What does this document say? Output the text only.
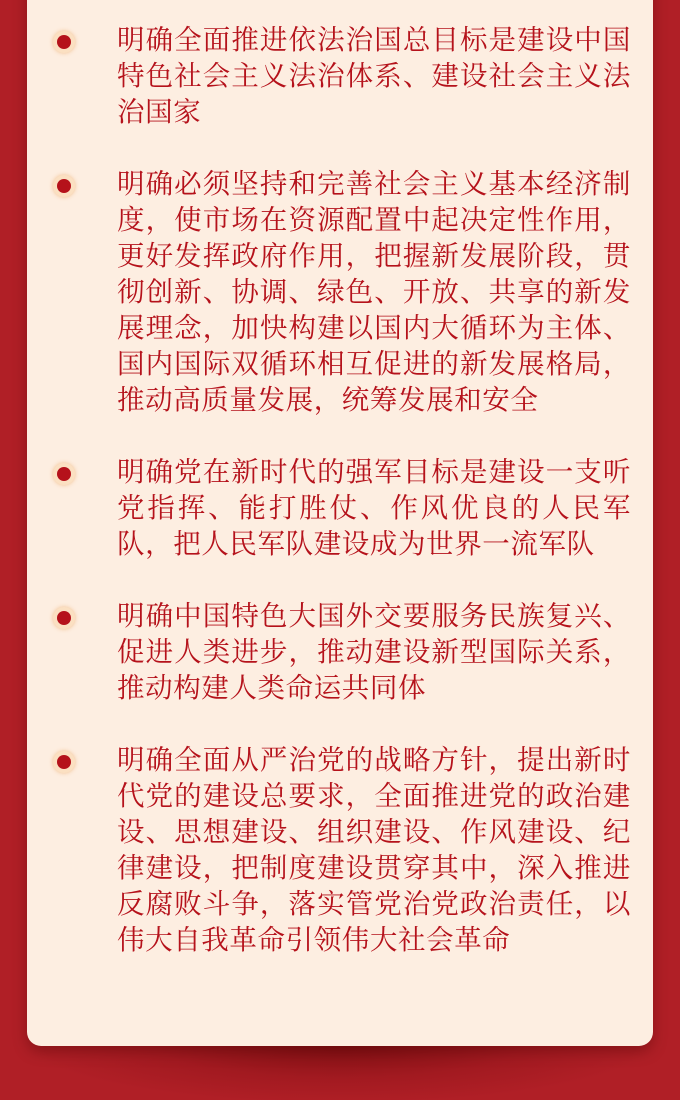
明确全面推进依法治国总目标是建设中国特色社会主义法治体系、建设社会主义法治国家
明确必须坚持和完善社会主义基本经济制度，使市场在资源配置中起决定性作用，更好发挥政府作用，把握新发展阶段，贯彻创新、协调、绿色、开放、共享的新发展理念，加快构建以国内大循环为主体、国内国际双循环相互促进的新发展格局，推动高质量发展，统筹发展和安全
明确党在新时代的强军目标是建设一支听党指挥、能打胜仗、作风优良的人民军队，把人民军队建设成为世界一流军队
明确中国特色大国外交要服务民族复兴、促进人类进步，推动建设新型国际关系，推动构建人类命运共同体
明确全面从严治党的战略方针，提出新时代党的建设总要求，全面推进党的政治建设、思想建设、组织建设、作风建设、纪律建设，把制度建设贯穿其中，深入推进反腐败斗争，落实管党治党政治责任，以伟大自我革命引领伟大社会革命
